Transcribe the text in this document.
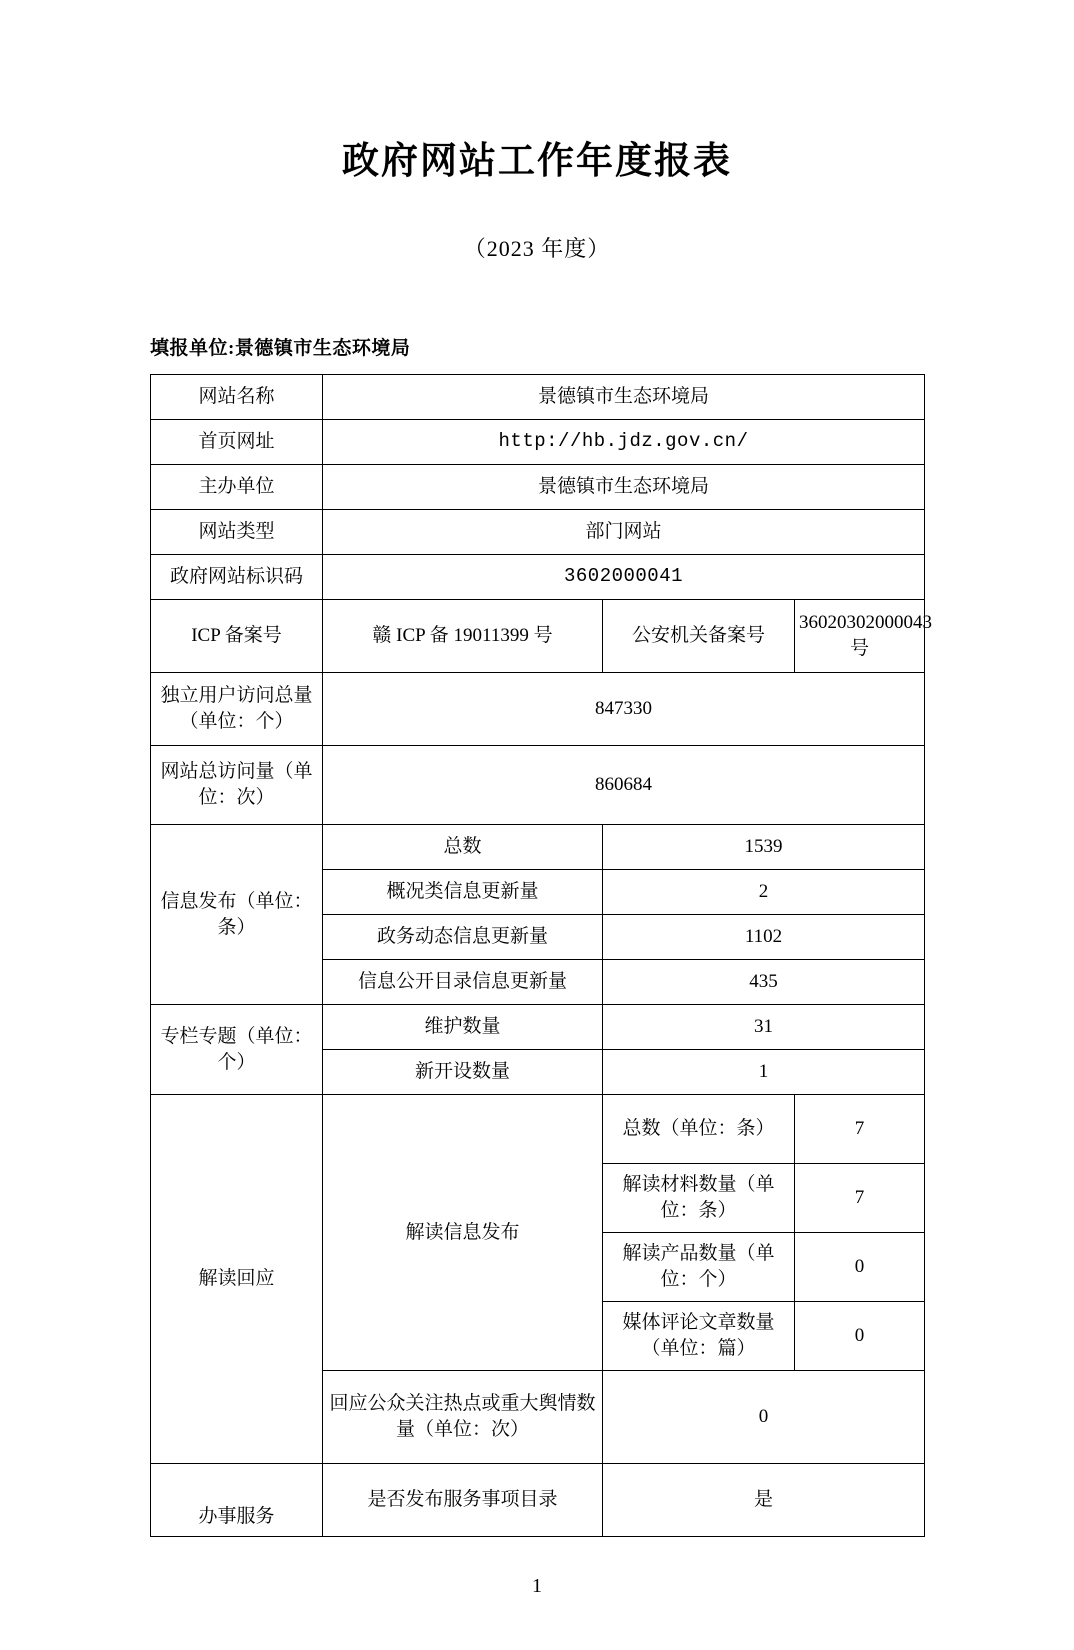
政府网站工作年度报表
（2023 年度）
填报单位:景德镇市生态环境局
网站名称	景德镇市生态环境局		
首页网址	http://hb.jdz.gov.cn/		
主办单位	景德镇市生态环境局		
网站类型	部门网站		
政府网站标识码	3602000041		
ICP 备案号	赣 ICP 备 19011399 号	公安机关备案号	36020302000043 号
独立用户访问总量（单位：个）	847330		
网站总访问量（单位：次）	860684		
信息发布（单位：条）	总数	1539	
	概况类信息更新量	2	
	政务动态信息更新量	1102	
	信息公开目录信息更新量	435	
专栏专题（单位：个）	维护数量	31	
	新开设数量	1	
解读回应	解读信息发布	总数（单位：条）	7
		解读材料数量（单位：条）	7
		解读产品数量（单位：个）	0
		媒体评论文章数量（单位：篇）	0
	回应公众关注热点或重大舆情数量（单位：次）	0	
办事服务	是否发布服务事项目录	是	
1
